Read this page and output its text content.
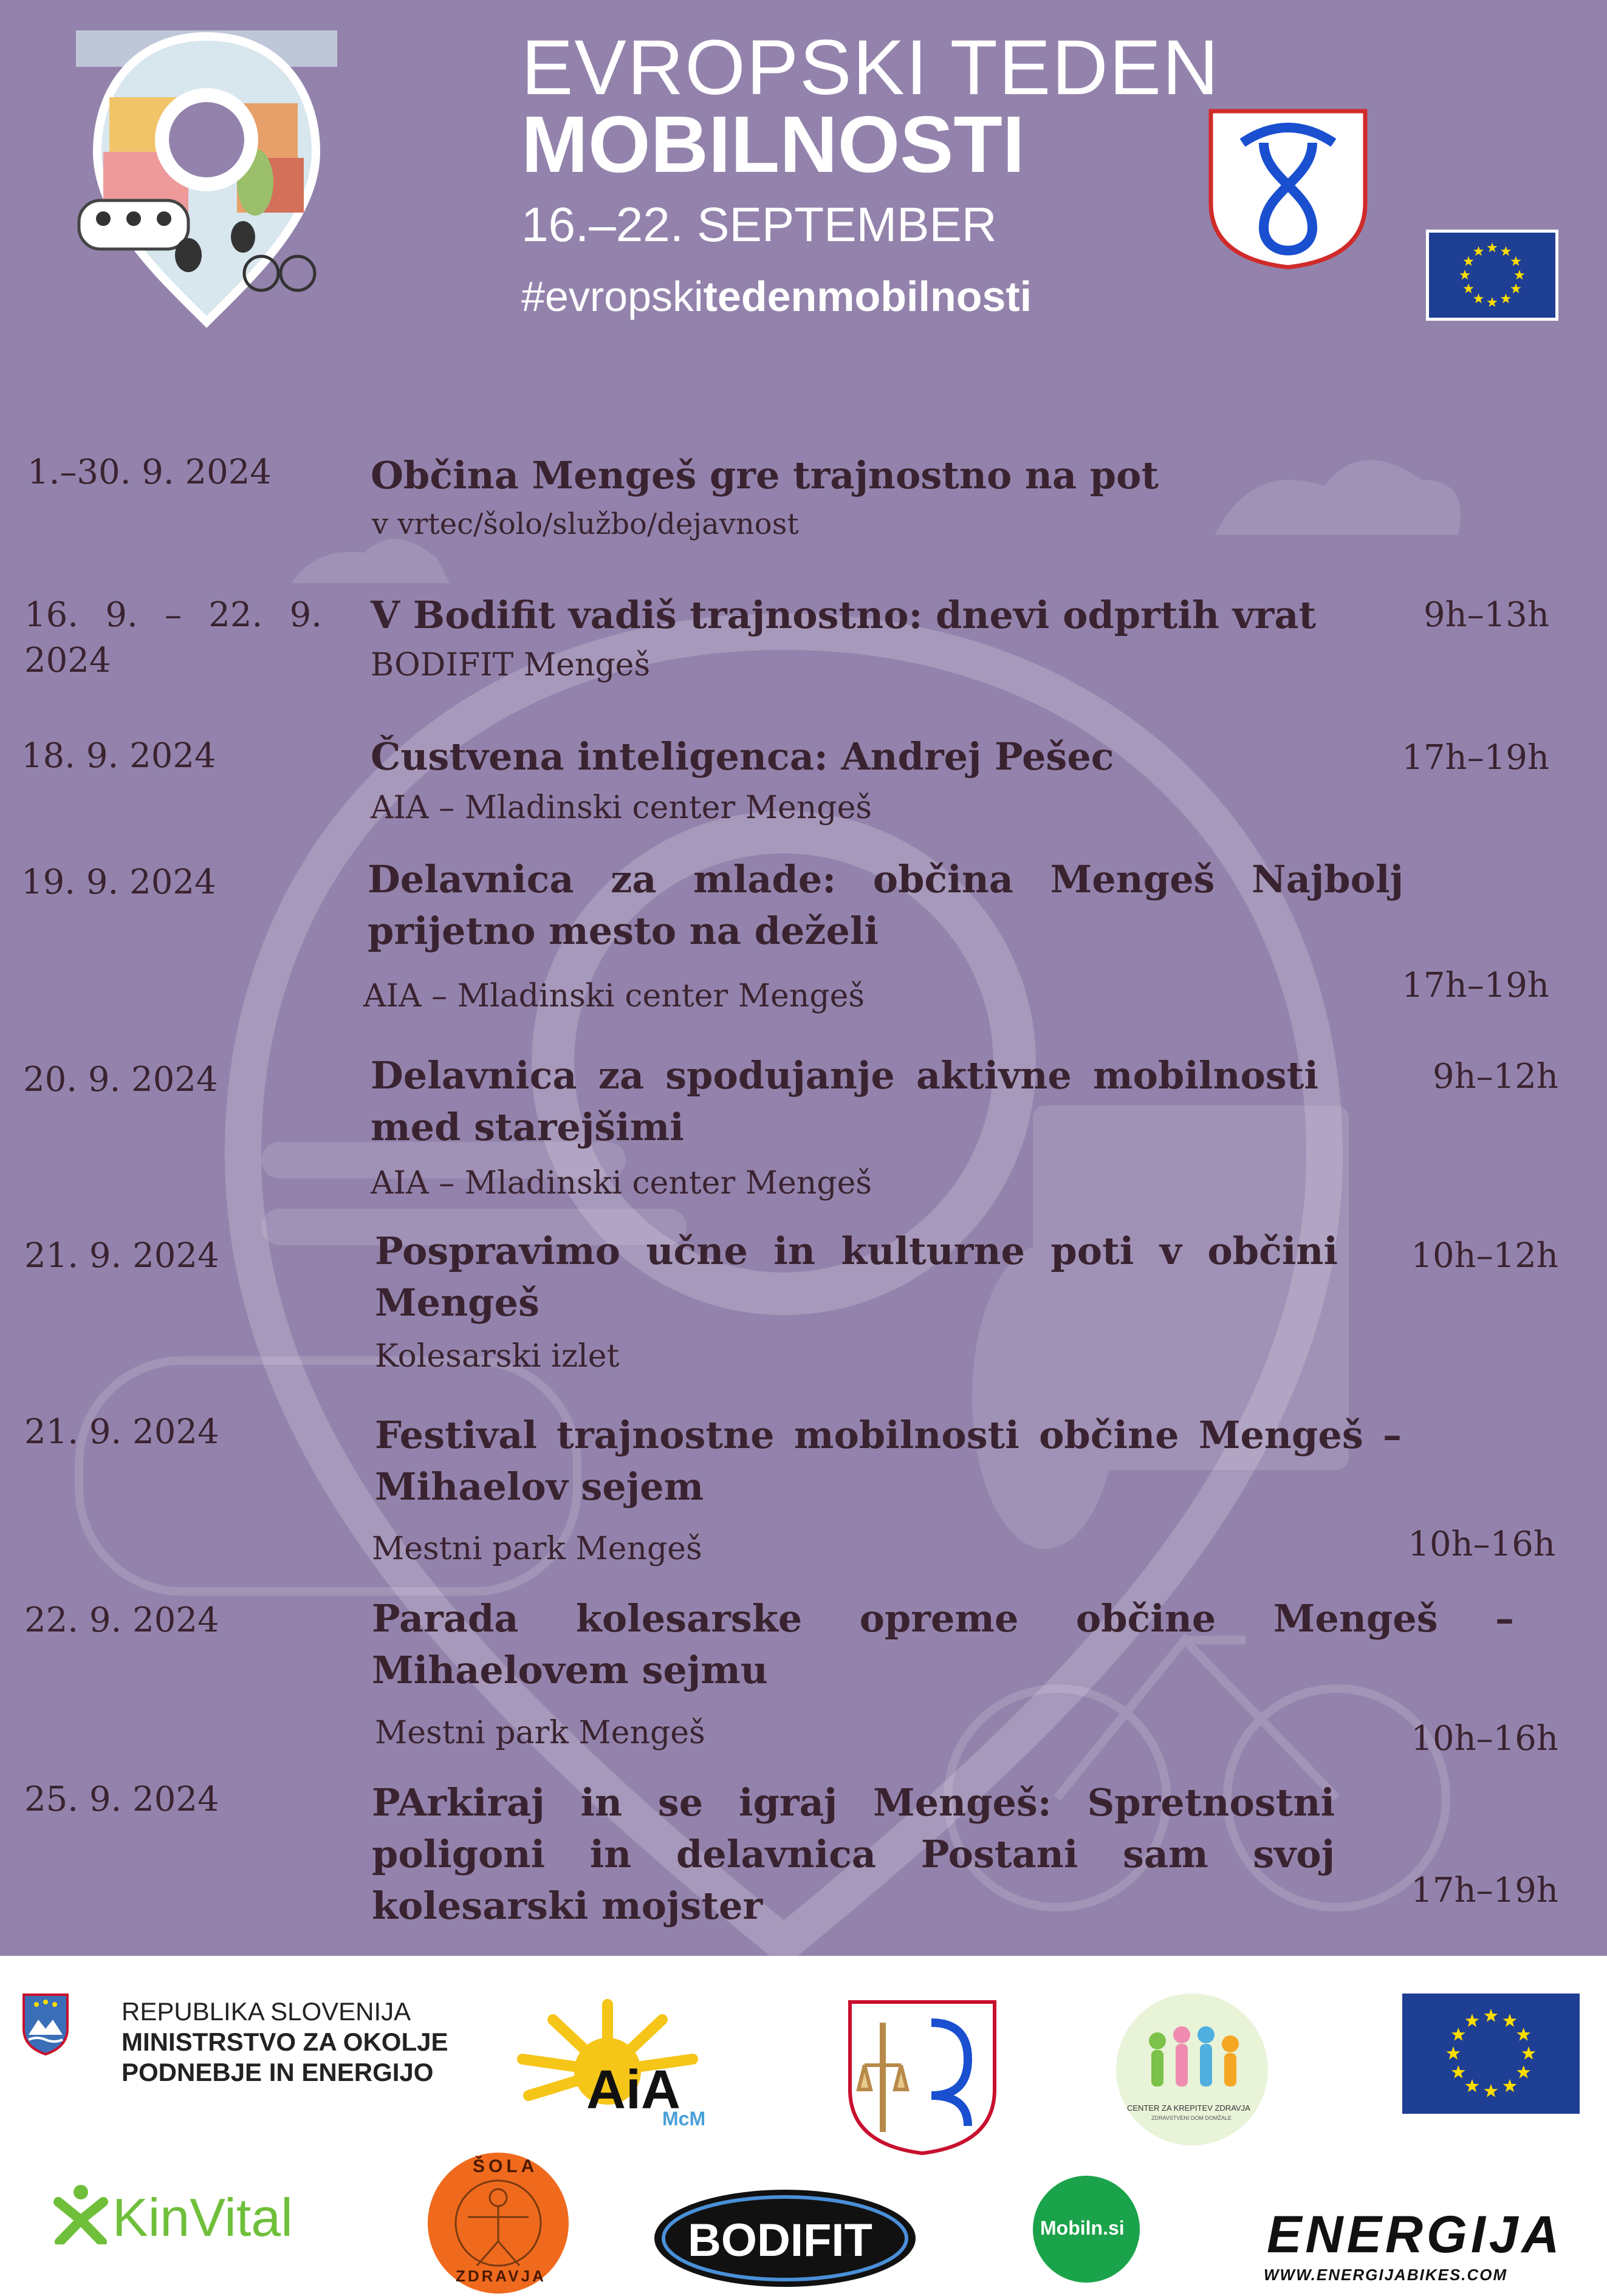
EVROPSKI TEDEN
MOBILNOSTI
16.–22. SEPTEMBER
#evropskitedenmobilnosti
1.–30. 9. 2024	Občina Mengeš gre trajnostno na pot
v vrtec/šolo/službo/dejavnost
16. 9. – 22. 9. 2024
V Bodifit vadiš trajnostno: dnevi odprtih vrat
BODIFIT Mengeš
9h–13h
18. 9. 2024	Čustvena inteligenca: Andrej Pešec
AIA – Mladinski center Mengeš
17h–19h
19. 9. 2024	Delavnica za mlade: občina Mengeš Najbolj prijetno mesto na deželi
AIA – Mladinski center Mengeš	17h–19h
20. 9. 2024	Delavnica za spodujanje aktivne mobilnosti med starejšimi
AIA – Mladinski center Mengeš
9h–12h
21. 9. 2024	Pospravimo učne in kulturne poti v občini Mengeš
Kolesarski izlet
10h–12h
21. 9. 2024	Festival trajnostne mobilnosti občine Mengeš – Mihaelov sejem
Mestni park Mengeš	10h–16h
22. 9. 2024	Parada kolesarske opreme občine Mengeš – Mihaelovem sejmu
Mestni park Mengeš	10h–16h
25. 9. 2024	PArkiraj in se igraj Mengeš: Spretnostni poligoni in delavnica Postani sam svoj kolesarski mojster	17h–19h
REPUBLIKA SLOVENIJA
MINISTRSTVO ZA OKOLJE
PODNEBJE IN ENERGIJO	AiA
McM	CENTER ZA KREPITEV ZDRAVJA
ZDRAVSTVENI DOM DOMŽALE
KinVital
ŠOLA
ZDRAVJA
BODIFIT	Mobiln.si	ENERGIJA
WWW.ENERGIJABIKES.COM
